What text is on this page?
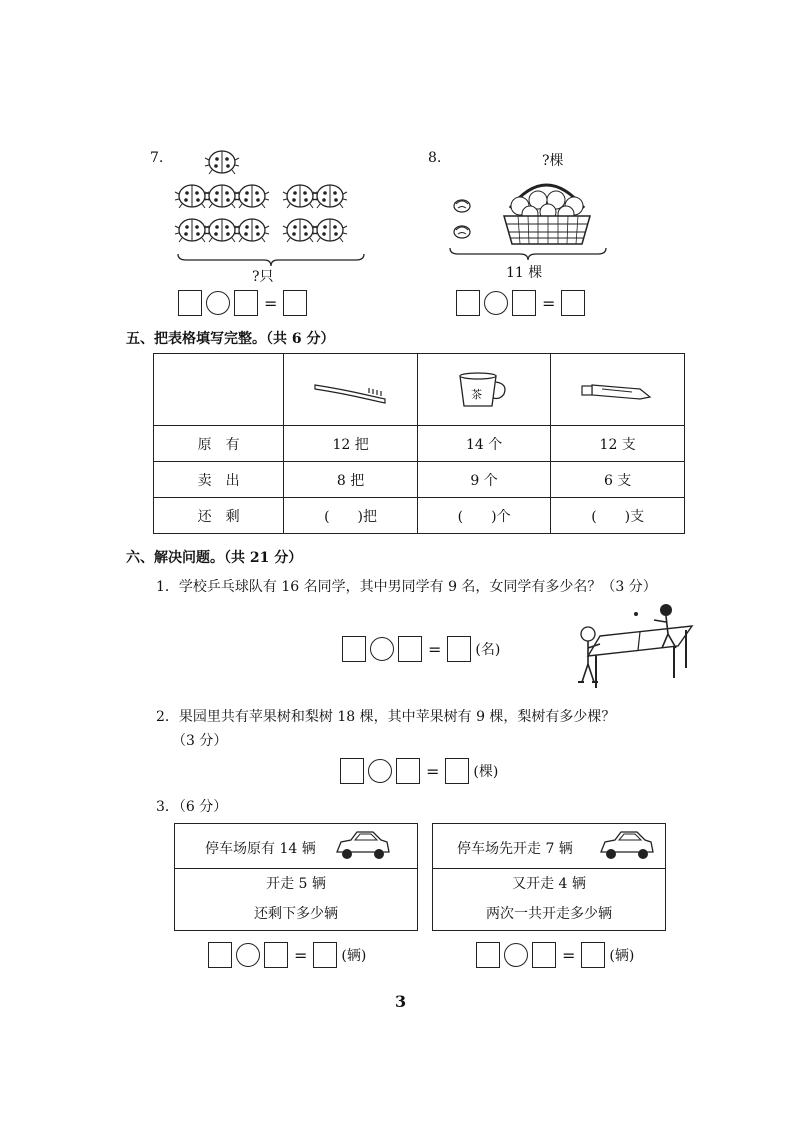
7.
?只
=
8.	?棵
11 棵
=
五、把表格填写完整。（共 6 分）

茶

原　有	12 把	14 个	12 支
卖　出	8 把	9 个	6 支
还　剩	(　　)把	(　　)个	(　　)支
六、解决问题。（共 21 分）
1．学校乒乓球队有 16 名同学，其中男同学有 9 名，女同学有多少名？（3 分）
= (名)
2．果园里共有苹果树和梨树 18 棵，其中苹果树有 9 棵，梨树有多少棵？
（3 分）
= (棵)
3．（6 分）
停车场原有 14 辆
开走 5 辆
还剩下多少辆
= (辆)
停车场先开走 7 辆
又开走 4 辆
两次一共开走多少辆
= (辆)
3
